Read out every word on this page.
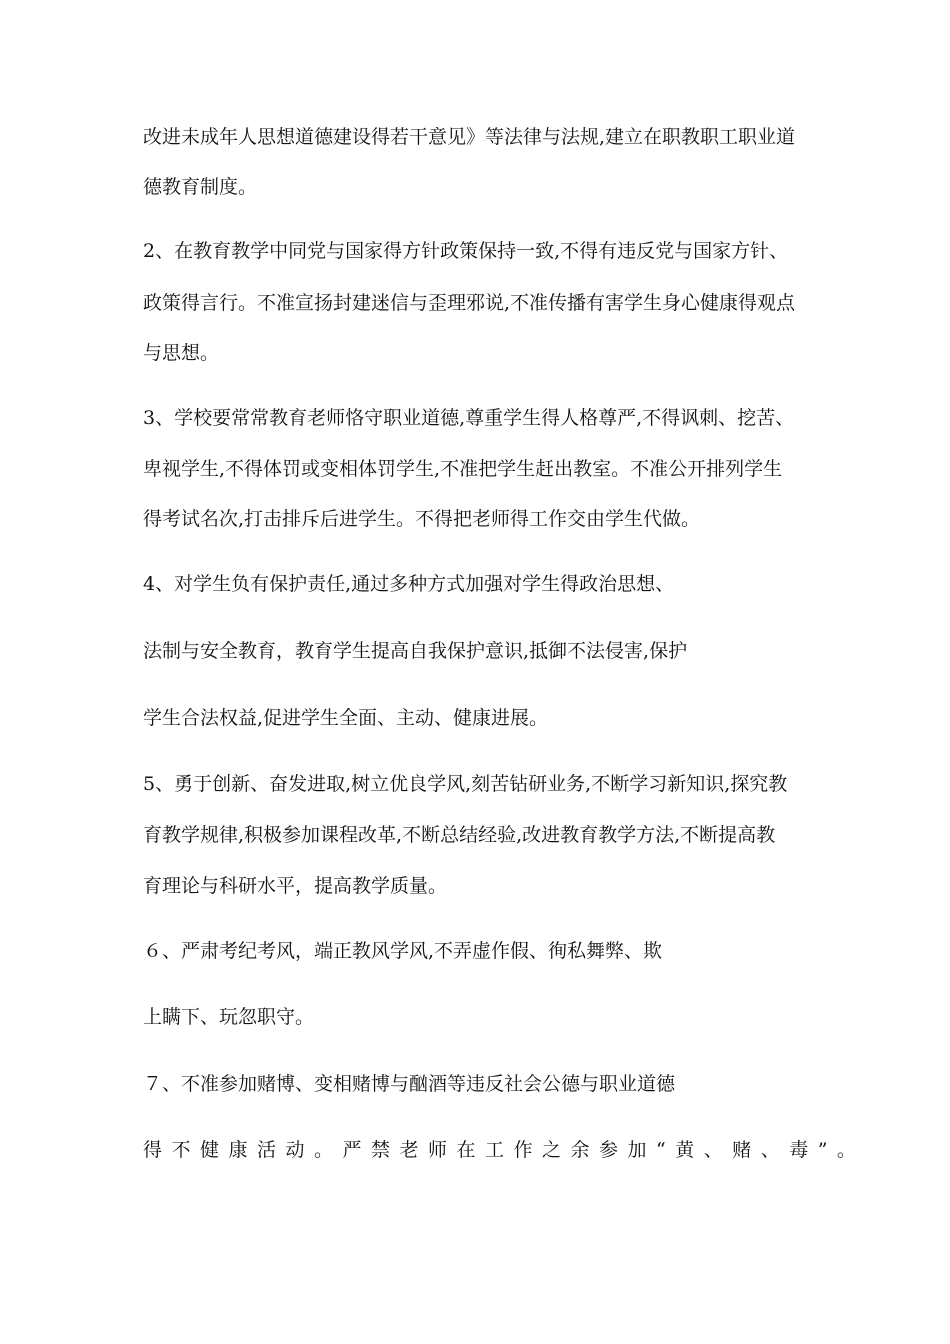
改进未成年人思想道德建设得若干意见》等法律与法规,建立在职教职工职业道

德教育制度。

2、在教育教学中同党与国家得方针政策保持一致,不得有违反党与国家方针、

政策得言行。不准宣扬封建迷信与歪理邪说,不准传播有害学生身心健康得观点

与思想。

3、学校要常常教育老师恪守职业道德,尊重学生得人格尊严,不得讽刺、挖苦、

卑视学生,不得体罚或变相体罚学生,不准把学生赶出教室。不准公开排列学生

得考试名次,打击排斥后进学生。不得把老师得工作交由学生代做。

4、对学生负有保护责任,通过多种方式加强对学生得政治思想、

法制与安全教育，教育学生提高自我保护意识,抵御不法侵害,保护

学生合法权益,促进学生全面、主动、健康进展。

5、勇于创新、奋发进取,树立优良学风,刻苦钻研业务,不断学习新知识,探究教

育教学规律,积极参加课程改革,不断总结经验,改进教育教学方法,不断提高教

育理论与科研水平，提高教学质量。

６、严肃考纪考风，端正教风学风,不弄虚作假、徇私舞弊、欺

上瞒下、玩忽职守。

７、不准参加赌博、变相赌博与酗酒等违反社会公德与职业道德

得不健康活动。严禁老师在工作之余参加“黄、赌、毒”。
